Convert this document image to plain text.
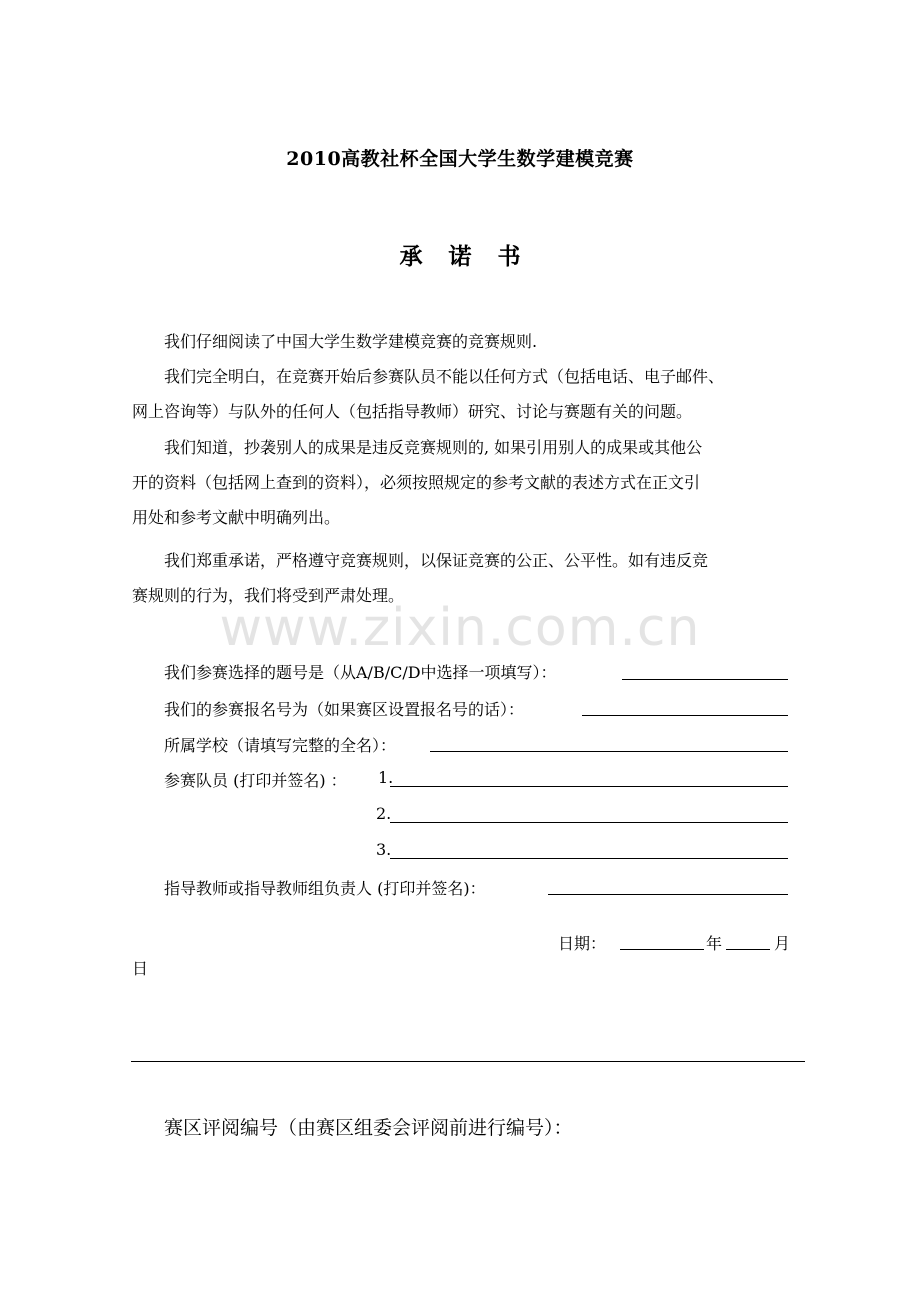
2010高教社杯全国大学生数学建模竞赛
承诺书
我们仔细阅读了中国大学生数学建模竞赛的竞赛规则.
我们完全明白，在竞赛开始后参赛队员不能以任何方式（包括电话、电子邮件、
网上咨询等）与队外的任何人（包括指导教师）研究、讨论与赛题有关的问题。
我们知道，抄袭别人的成果是违反竞赛规则的, 如果引用别人的成果或其他公
开的资料（包括网上查到的资料），必须按照规定的参考文献的表述方式在正文引
用处和参考文献中明确列出。
我们郑重承诺，严格遵守竞赛规则，以保证竞赛的公正、公平性。如有违反竞
赛规则的行为，我们将受到严肃处理。
www.zixin.com.cn
我们参赛选择的题号是（从A/B/C/D中选择一项填写）：
我们的参赛报名号为（如果赛区设置报名号的话）：
所属学校（请填写完整的全名）：
参赛队员 (打印并签名) ： 1.
2.
3.
指导教师或指导教师组负责人 (打印并签名)：
日期：	年	月
日
赛区评阅编号（由赛区组委会评阅前进行编号）：
